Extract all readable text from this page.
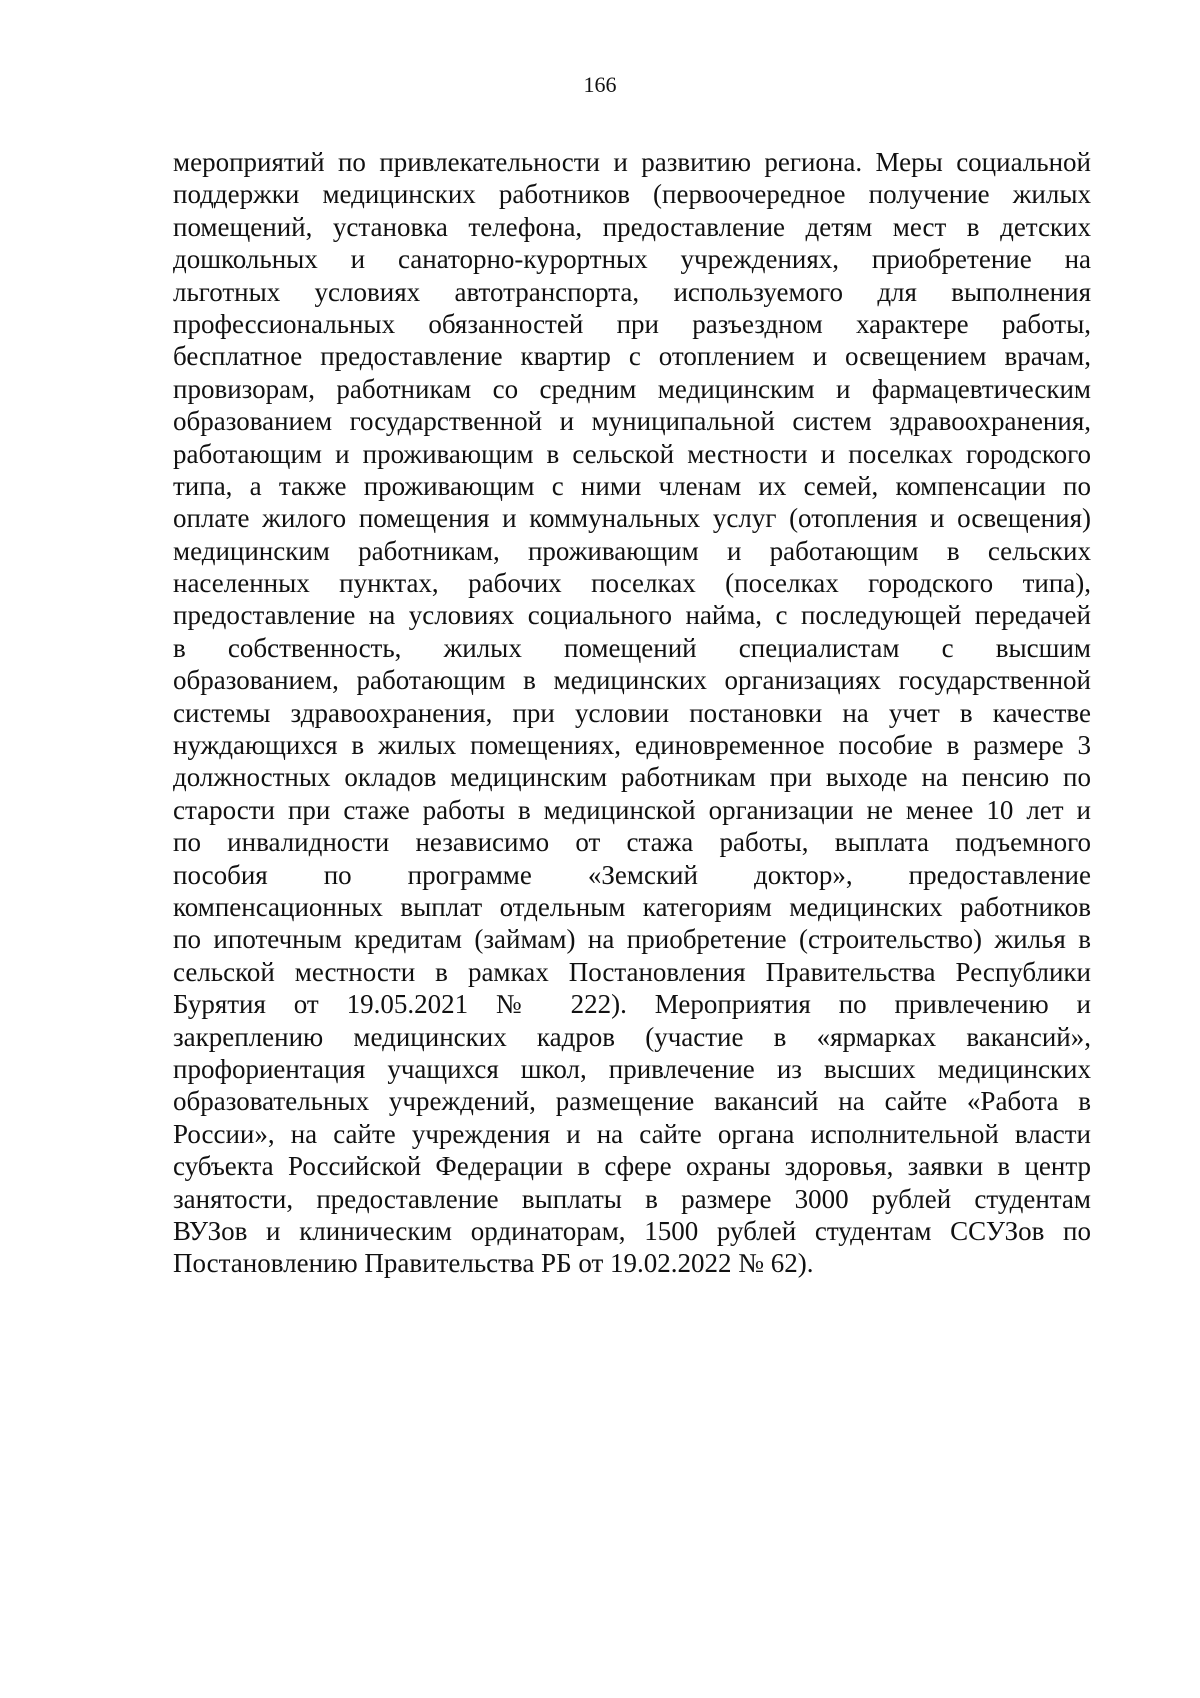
166
мероприятий по привлекательности и развитию региона. Меры социальной
поддержки медицинских работников (первоочередное получение жилых
помещений, установка телефона, предоставление детям мест в детских
дошкольных и санаторно-курортных учреждениях, приобретение на
льготных условиях автотранспорта, используемого для выполнения
профессиональных обязанностей при разъездном характере работы,
бесплатное предоставление квартир с отоплением и освещением врачам,
провизорам, работникам со средним медицинским и фармацевтическим
образованием государственной и муниципальной систем здравоохранения,
работающим и проживающим в сельской местности и поселках городского
типа, а также проживающим с ними членам их семей, компенсации по
оплате жилого помещения и коммунальных услуг (отопления и освещения)
медицинским работникам, проживающим и работающим в сельских
населенных пунктах, рабочих поселках (поселках городского типа),
предоставление на условиях социального найма, с последующей передачей
в собственность, жилых помещений специалистам с высшим
образованием, работающим в медицинских организациях государственной
системы здравоохранения, при условии постановки на учет в качестве
нуждающихся в жилых помещениях, единовременное пособие в размере 3
должностных окладов медицинским работникам при выходе на пенсию по
старости при стаже работы в медицинской организации не менее 10 лет и
по инвалидности независимо от стажа работы, выплата подъемного
пособия по программе «Земский доктор», предоставление
компенсационных выплат отдельным категориям медицинских работников
по ипотечным кредитам (займам) на приобретение (строительство) жилья в
сельской местности в рамках Постановления Правительства Республики
Бурятия от 19.05.2021 № 222). Мероприятия по привлечению и
закреплению медицинских кадров (участие в «ярмарках вакансий»,
профориентация учащихся школ, привлечение из высших медицинских
образовательных учреждений, размещение вакансий на сайте «Работа в
России», на сайте учреждения и на сайте органа исполнительной власти
субъекта Российской Федерации в сфере охраны здоровья, заявки в центр
занятости, предоставление выплаты в размере 3000 рублей студентам
ВУЗов и клиническим ординаторам, 1500 рублей студентам ССУЗов по
Постановлению Правительства РБ от 19.02.2022 № 62).
